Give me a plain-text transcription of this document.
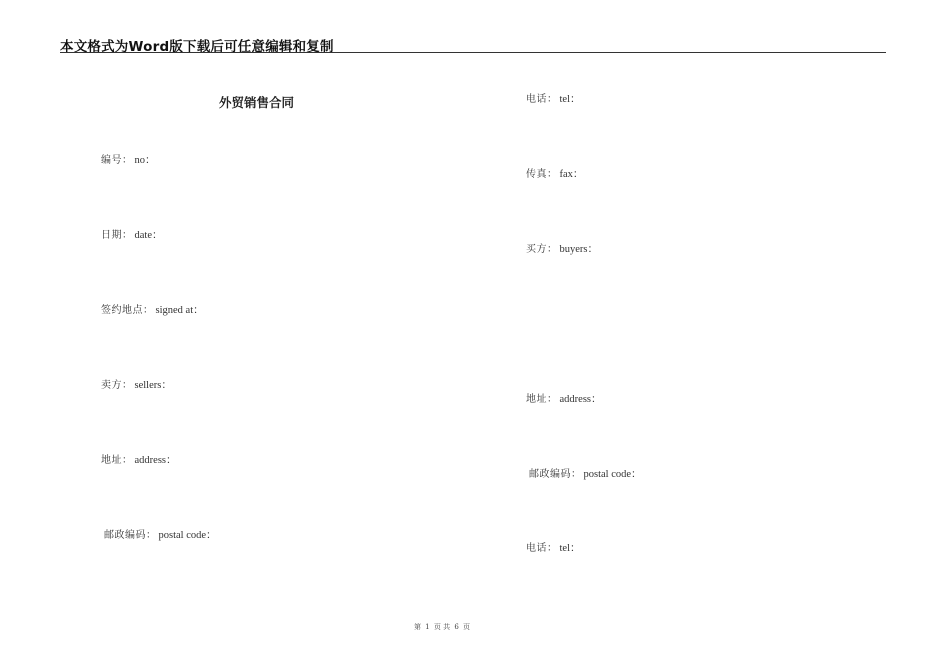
本文格式为Word版下载后可任意编辑和复制
外贸销售合同
编号： no：
日期： date：
签约地点： signed at：
卖方： sellers：
地址： address：
邮政编码： postal code：
电话： tel：
传真： fax：
买方： buyers：
地址： address：
邮政编码： postal code：
电话： tel：
第 1 页 共 6 页
